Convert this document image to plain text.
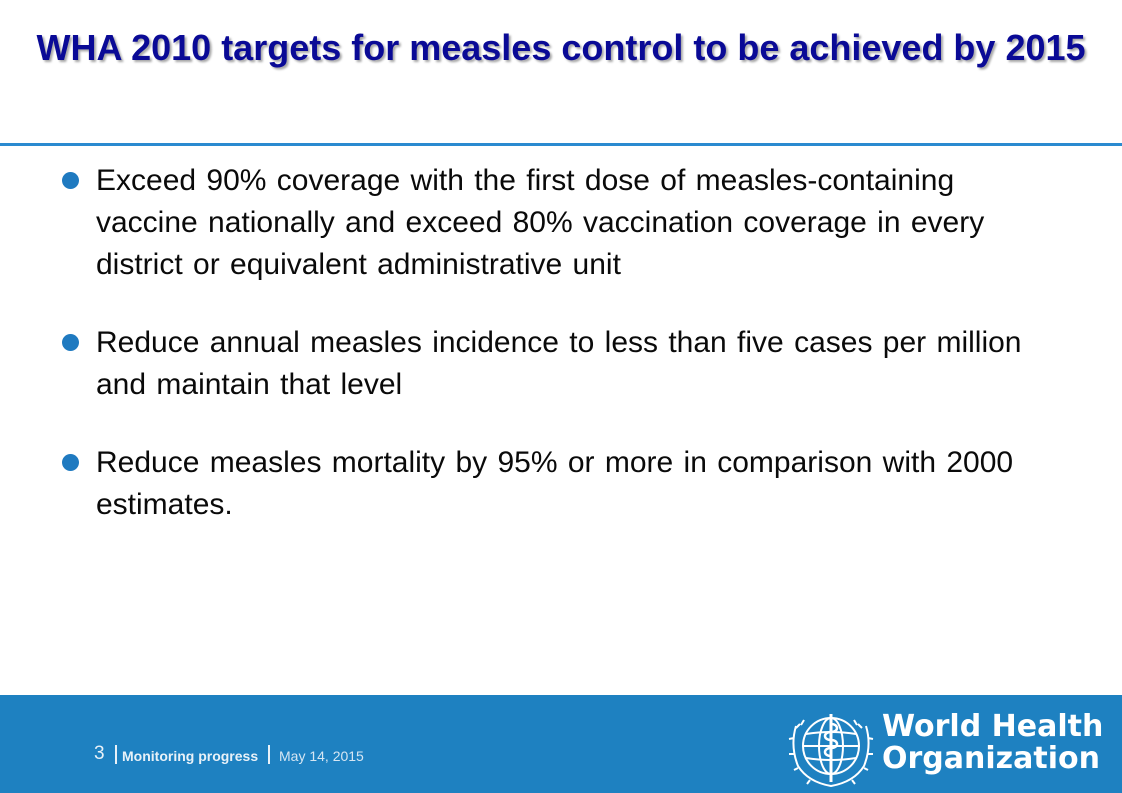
WHA 2010 targets for measles control to be achieved by 2015
Exceed 90% coverage with the first dose of measles-containing vaccine nationally and exceed 80% vaccination coverage in every district or equivalent administrative unit
Reduce annual measles incidence to less than five cases per million and maintain that level
Reduce measles mortality by 95% or more in comparison with 2000 estimates.
3 Monitoring progress May 14, 2015
World Health
Organization
